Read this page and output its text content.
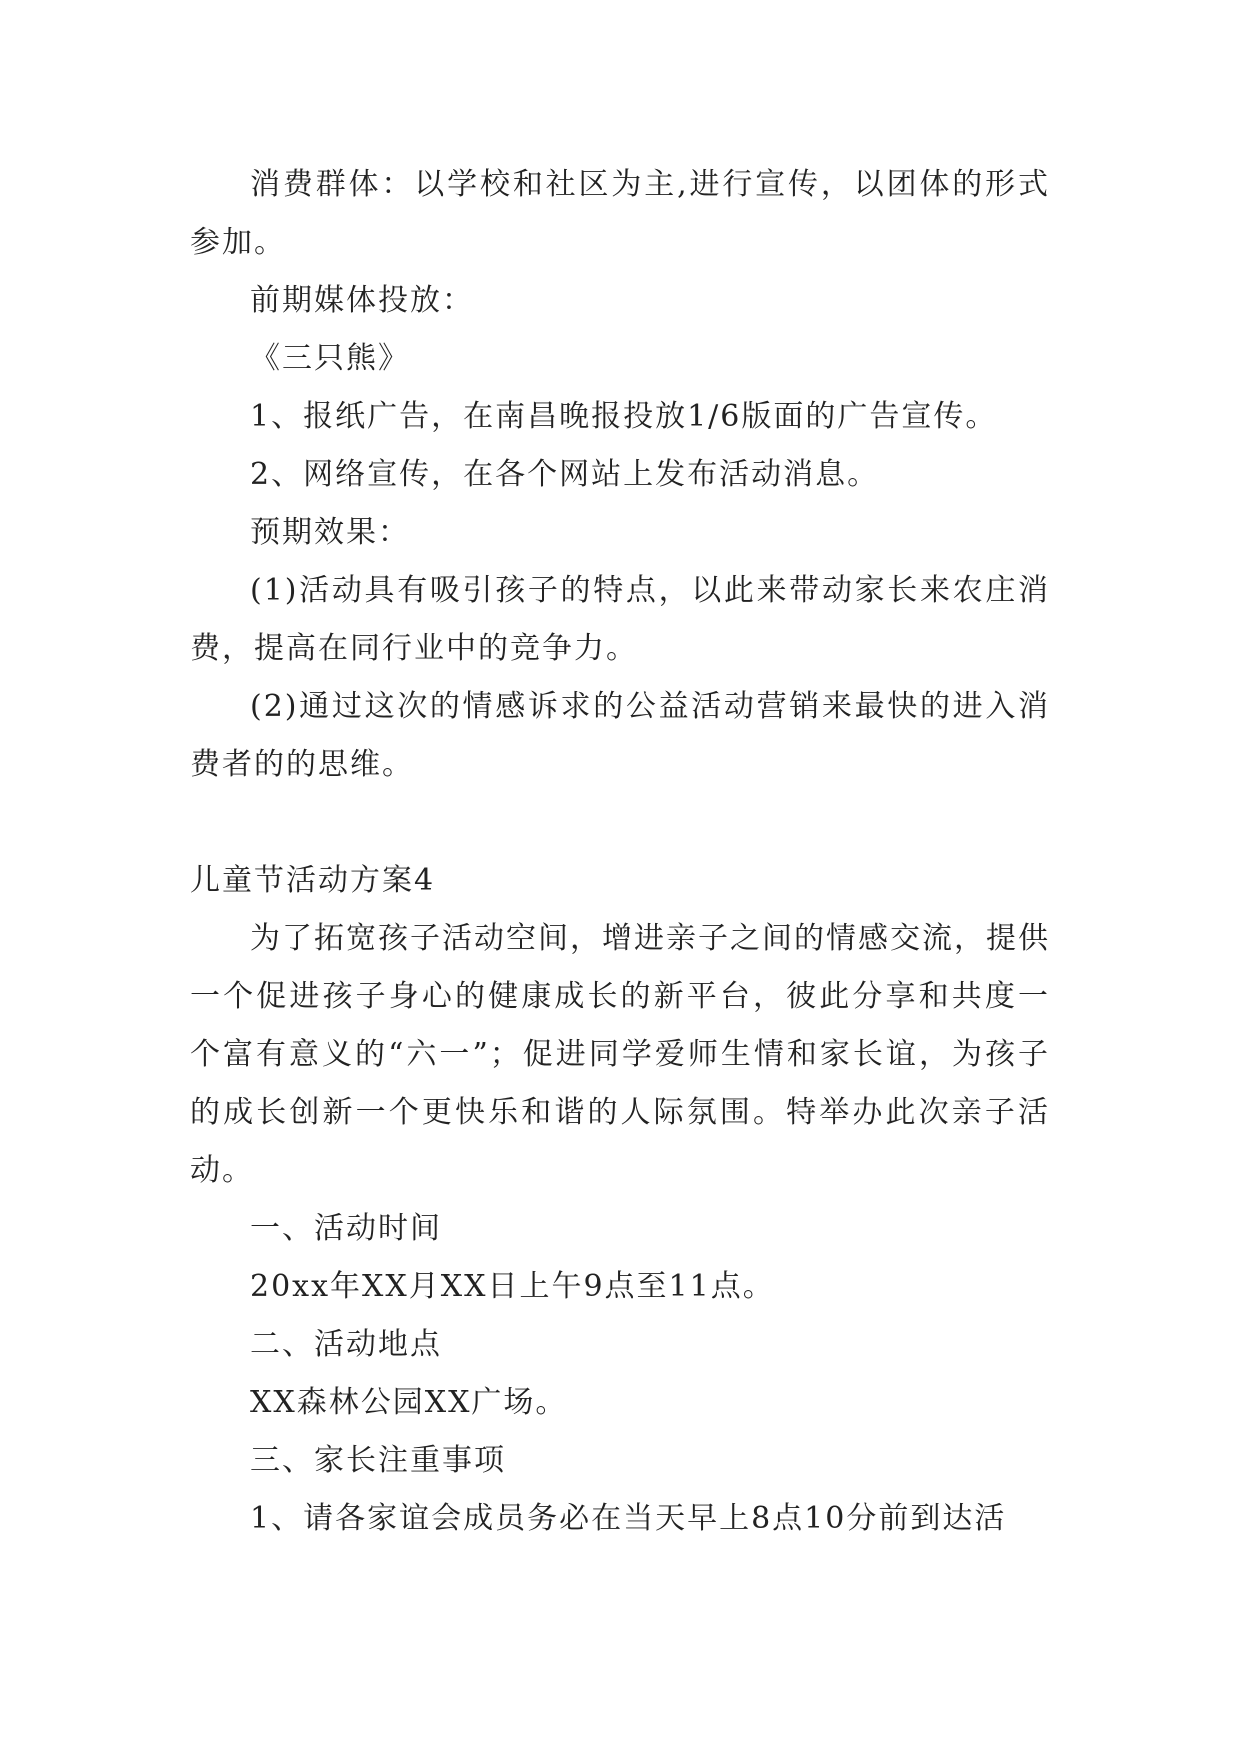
消费群体：以学校和社区为主,进行宣传，以团体的形式参加。

前期媒体投放：

《三只熊》

1、报纸广告，在南昌晚报投放1/6版面的广告宣传。

2、网络宣传，在各个网站上发布活动消息。

预期效果：

(1)活动具有吸引孩子的特点，以此来带动家长来农庄消费，提高在同行业中的竞争力。

(2)通过这次的情感诉求的公益活动营销来最快的进入消费者的的思维。

儿童节活动方案4

为了拓宽孩子活动空间，增进亲子之间的情感交流，提供一个促进孩子身心的健康成长的新平台，彼此分享和共度一个富有意义的“六一”；促进同学爱师生情和家长谊，为孩子的成长创新一个更快乐和谐的人际氛围。特举办此次亲子活动。

一、活动时间

20xx年XX月XX日上午9点至11点。

二、活动地点

XX森林公园XX广场。

三、家长注重事项

1、请各家谊会成员务必在当天早上8点10分前到达活
